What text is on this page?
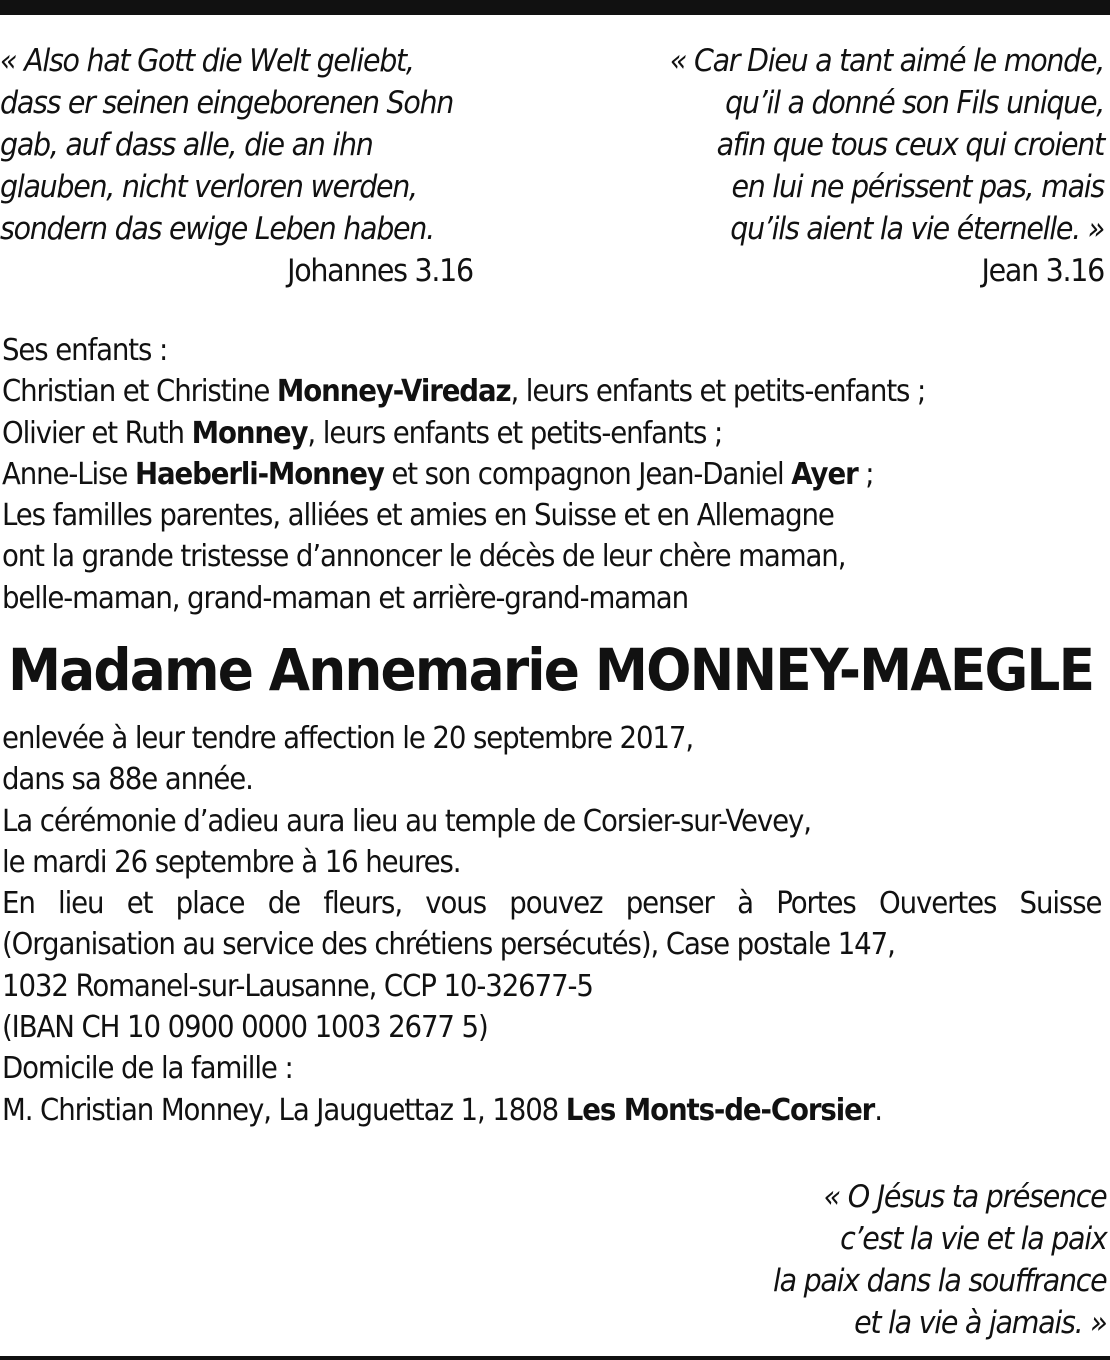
« Also hat Gott die Welt geliebt,
dass er seinen eingeborenen Sohn
gab, auf dass alle, die an ihn
glauben, nicht verloren werden,
sondern das ewige Leben haben.
Johannes 3.16
« Car Dieu a tant aimé le monde,
qu’il a donné son Fils unique,
afin que tous ceux qui croient
en lui ne périssent pas, mais
qu’ils aient la vie éternelle. »
Jean 3.16
Ses enfants :
Christian et Christine Monney-Viredaz, leurs enfants et petits-enfants ;
Olivier et Ruth Monney, leurs enfants et petits-enfants ;
Anne-Lise Haeberli-Monney et son compagnon Jean-Daniel Ayer ;
Les familles parentes, alliées et amies en Suisse et en Allemagne
ont la grande tristesse d’annoncer le décès de leur chère maman,
belle-maman, grand-maman et arrière-grand-maman
Madame Annemarie MONNEY-MAEGLE
enlevée à leur tendre affection le 20 septembre 2017,
dans sa 88e année.
La cérémonie d’adieu aura lieu au temple de Corsier-sur-Vevey,
le mardi 26 septembre à 16 heures.
En lieu et place de fleurs, vous pouvez penser à Portes Ouvertes Suisse
(Organisation au service des chrétiens persécutés), Case postale 147,
1032 Romanel-sur-Lausanne, CCP 10-32677-5
(IBAN CH 10 0900 0000 1003 2677 5)
Domicile de la famille :
M. Christian Monney, La Jauguettaz 1, 1808 Les Monts-de-Corsier.
« O Jésus ta présence
c’est la vie et la paix
la paix dans la souffrance
et la vie à jamais. »
